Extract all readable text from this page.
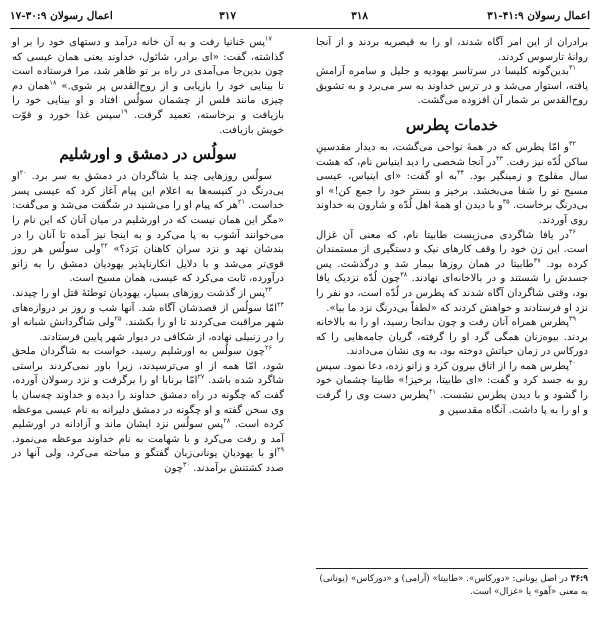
اعمال رسولان ۹:‏۳۱-۴۱
۳۱۸
۳۱۷
اعمال رسولان ۹:‏۱۷-۳۰

برادران از این امر آگاه شدند، او را به قیصریه بردند و از آنجا روانهٔ تارسوس کردند.

$^{۳۱}$بدین‌گونه کلیسا در سرتاسر یهودیه و جلیل و سامره آرامش یافته، استوار می‌شد و در ترس خداوند به سر می‌برد و به تشویق روح‌القدس بر شمار آن افزوده می‌گشت.

خدمات پطرس

$^{۳۲}$و امّا پطرس که در همهٔ نواحی می‌گشت، به دیدار مقدسینِ ساکن لُدّه نیز رفت. $^{۳۳}$در آنجا شخصی را دید اینیاس نام، که هشت سال مفلوج و زمینگیر بود. $^{۳۴}$به او گفت: «ای اینیاس، عیسی مسیح تو را شفا می‌بخشد. برخیز و بستر خود را جمع کن!» او بی‌درنگ برخاست. $^{۳۵}$و با دیدن او همهٔ اهل لُدّه و شارون به خداوند روی آوردند.

$^{۳۶}$در یافا شاگردی می‌زیست طابیتا نام، که معنی آن غزال است. این زن خود را وقف کارهای نیک و دستگیری از مستمندان کرده بود. $^{۳۷}$طابیتا در همان روزها بیمار شد و درگذشت. پس جسدش را شستند و در بالاخانه‌ای نهادند. $^{۳۸}$چون لُدّه نزدیک یافا بود، وقتی شاگردان آگاه شدند که پطرس در لُدّه است، دو نفر را نزد او فرستادند و خواهش کردند که «لطفاً بی‌درنگ نزد ما بیا».

$^{۳۹}$پطرس همراه آنان رفت و چون بدانجا رسید، او را به بالاخانه بردند. بیوه‌زنان همگی گرد او را گرفته، گریان جامه‌هایی را که دورکاس در زمان حیاتش دوخته بود، به وی نشان می‌دادند.

$^{۴۰}$پطرس همه را از اتاق بیرون کرد و زانو زده، دعا نمود. سپس رو به جسد کرد و گفت: «ای طابیتا، برخیز!» طابیتا چشمان خود را گشود و با دیدن پطرس نشست. $^{۴۱}$پطرس دست وی را گرفت و او را به پا داشت. آنگاه مقدسین و

$^{۱۷}$پس حَنانیا رفت و به آن خانه درآمد و دستهای خود را بر او گذاشته، گفت: «ای برادر، شائول، خداوند یعنی همان عیسی که چون بدین‌جا می‌آمدی در راه بر تو ظاهر شد، مرا فرستاده است تا بینایی خود را بازیابی و از روح‌القدس پر شوی.» $^{۱۸}$همان دم چیزی مانند فلس از چشمان سولُس افتاد و او بینایی خود را بازیافت و برخاسته، تعمید گرفت. $^{۱۹}$سپس غذا خورد و قوّت خویش بازیافت.

سولُس در دمشق و اورشلیم

سولُس روزهایی چند با شاگردان در دمشق به سر برد. $^{۲۰}$او بی‌درنگ در کنیسه‌ها به اعلام این پیام آغاز کرد که عیسی پسر خداست. $^{۲۱}$هر که پیام او را می‌شنید در شگفت می‌شد و می‌گفت: «مگر این همان نیست که در اورشلیم در میان آنان که این نام را می‌خوانند آشوب به پا می‌کرد و به اینجا نیز آمده تا ‌آنان را در بندشان نهد و نزد سران کاهنان بَرَد؟» $^{۲۲}$ولی سولُس هر روز قوی‌تر می‌شد و با دلایل انکارناپذیر یهودیان دمشق را به زانو درآورده، ثابت می‌کرد که عیسی، همان مسیح است.

$^{۲۳}$پس از گذشت روزهای بسیار، یهودیان توطئهٔ قتل او را چیدند. $^{۲۴}$امّا سولُس از قصدشان آگاه شد. آنها شب و روز بر دروازه‌های شهر مراقبت می‌کردند تا او را بکشند. $^{۲۵}$ولی شاگردانش شبانه او را در زنبیلی نهاده، از شکافی در دیوار شهر پایین فرستادند.

$^{۲۶}$چون سولُس به اورشلیم رسید، خواست به شاگردان ملحق شود، امّا همه از او می‌ترسیدند، زیرا باور نمی‌کردند براستی شاگرد شده باشد. $^{۲۷}$امّا برنابا او را برگرفت و نزد رسولان آورده، گفت که چگونه در راه دمشق خداوند را دیده و خداوند چه‌سان با وی سخن گفته و او چگونه در دمشق دلیرانه به نام عیسی موعظه کرده است. $^{۲۸}$پس سولُس نزد ایشان ماند و آزادانه در اورشلیم آمد و رفت می‌کرد و با شهامت به نام خداوند موعظه می‌نمود. $^{۲۹}$او با یهودیانِ یونانی‌زبان گفتگو و مباحثه می‌کرد، ولی آنها در صدد کشتنش برآمدند. $^{۳۰}$چون

۹:‏۳۶ در اصل یونانی: «دورکاس». «طابیتا» (آرامی) و «دورکاس» (یونانی) به معنی «آهو» یا «غزال» است.
